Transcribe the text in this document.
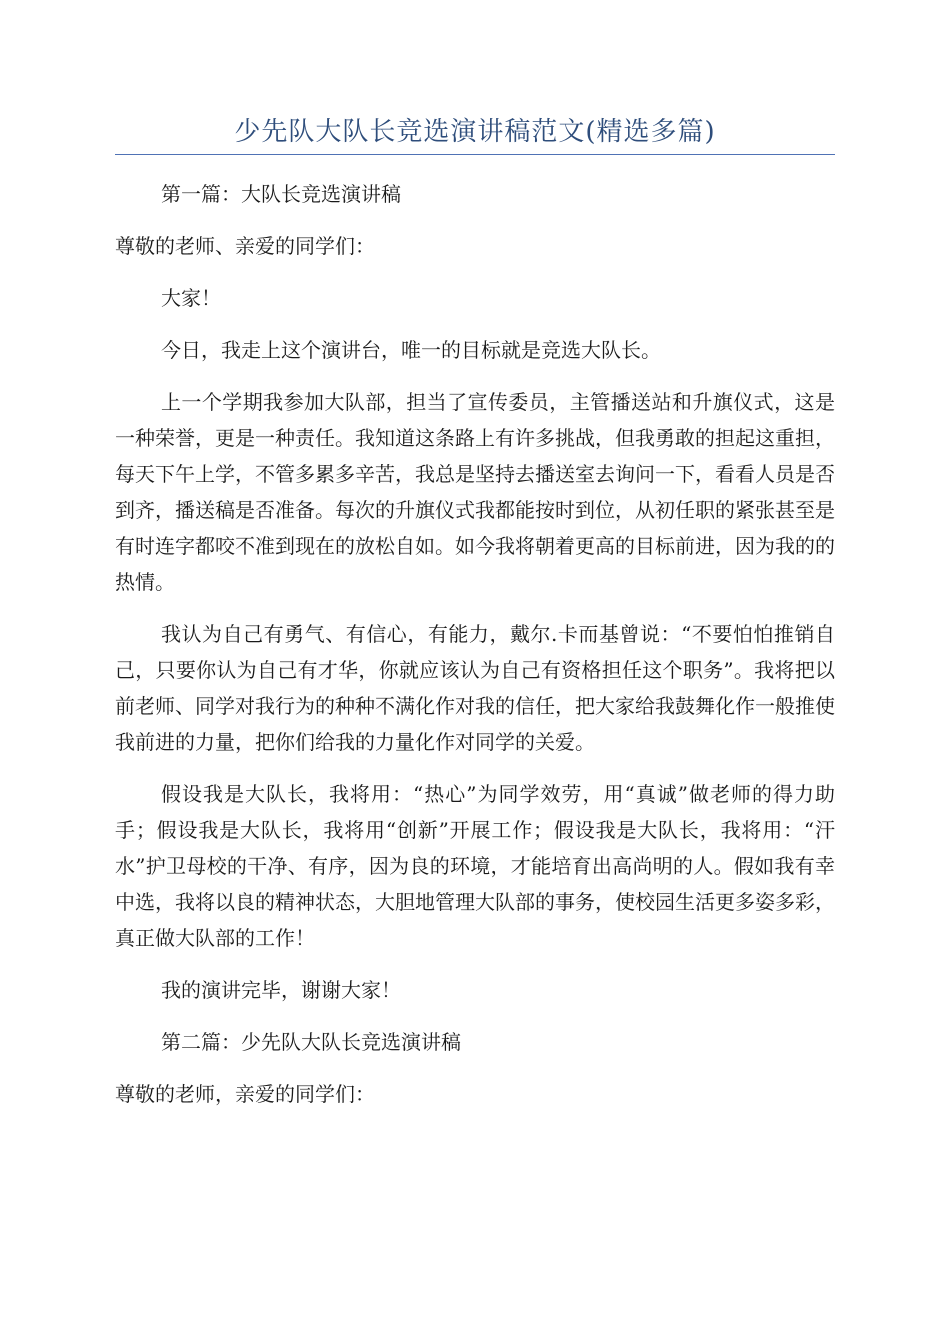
少先队大队长竞选演讲稿范文(精选多篇)

第一篇：大队长竞选演讲稿

尊敬的老师、亲爱的同学们：

大家！

今日，我走上这个演讲台，唯一的目标就是竞选大队长。

上一个学期我参加大队部，担当了宣传委员，主管播送站和升旗仪式，这是一种荣誉，更是一种责任。我知道这条路上有许多挑战，但我勇敢的担起这重担，每天下午上学，不管多累多辛苦，我总是坚持去播送室去询问一下，看看人员是否到齐，播送稿是否准备。每次的升旗仪式我都能按时到位，从初任职的紧张甚至是有时连字都咬不准到现在的放松自如。如今我将朝着更高的目标前进，因为我的的热情。

我认为自己有勇气、有信心，有能力，戴尔.卡而基曾说：“不要怕怕推销自己，只要你认为自己有才华，你就应该认为自己有资格担任这个职务”。我将把以前老师、同学对我行为的种种不满化作对我的信任，把大家给我鼓舞化作一般推使我前进的力量，把你们给我的力量化作对同学的关爱。

假设我是大队长，我将用：“热心”为同学效劳，用“真诚”做老师的得力助手；假设我是大队长，我将用“创新”开展工作；假设我是大队长，我将用：“汗水”护卫母校的干净、有序，因为良的环境，才能培育出高尚明的人。假如我有幸中选，我将以良的精神状态，大胆地管理大队部的事务，使校园生活更多姿多彩，真正做大队部的工作！

我的演讲完毕，谢谢大家！

第二篇：少先队大队长竞选演讲稿

尊敬的老师，亲爱的同学们：
